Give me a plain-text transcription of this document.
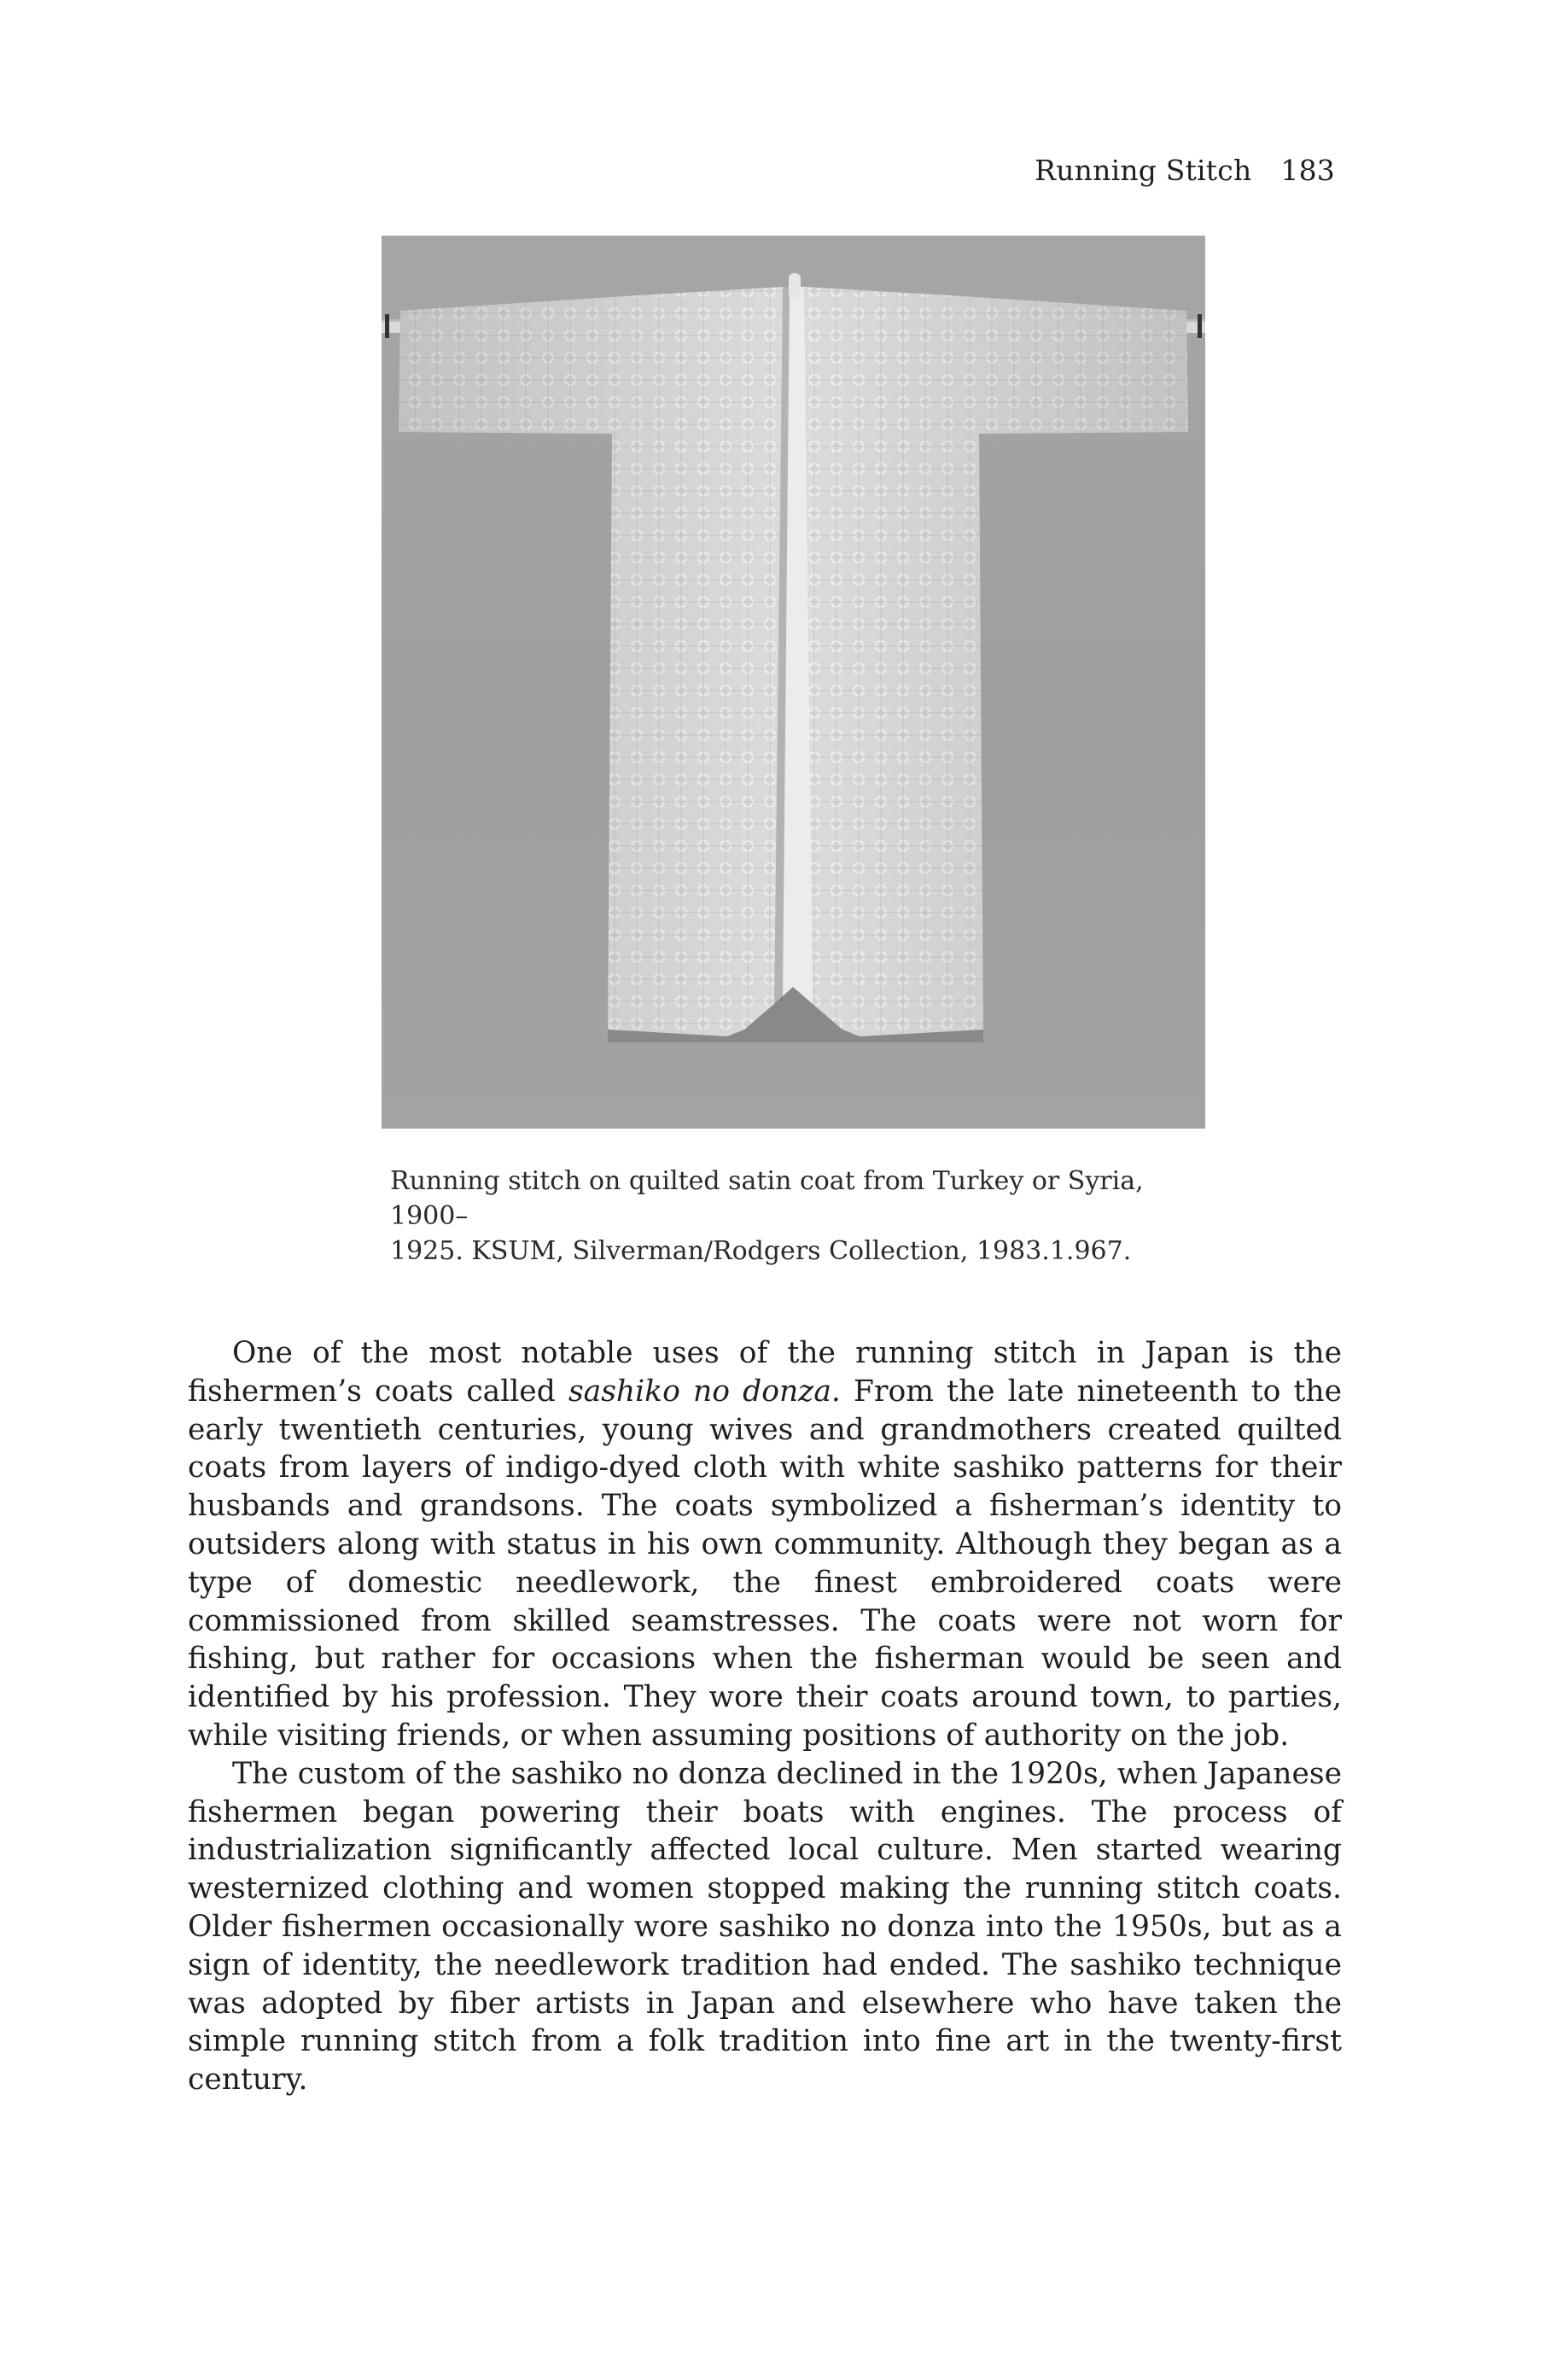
Running Stitch 183

Running stitch on quilted satin coat from Turkey or Syria, 1900–

1925. KSUM, Silverman/Rodgers Collection, 1983.1.967.

One of the most notable uses of the running stitch in Japan is the fishermen’s coats called sashiko no donza. From the late nineteenth to the early twentieth centuries, young wives and grandmothers created quilted coats from layers of indigo-dyed cloth with white sashiko patterns for their husbands and grandsons. The coats symbolized a fisherman’s identity to outsiders along with status in his own community. Although they began as a type of domestic needlework, the finest embroidered coats were commissioned from skilled seamstresses. The coats were not worn for fishing, but rather for occasions when the fisherman would be seen and identified by his profession. They wore their coats around town, to parties, while visiting friends, or when assuming positions of authority on the job.

The custom of the sashiko no donza declined in the 1920s, when Japanese fishermen began powering their boats with engines. The process of industrialization significantly affected local culture. Men started wearing westernized clothing and women stopped making the running stitch coats. Older fishermen occasionally wore sashiko no donza into the 1950s, but as a sign of identity, the needlework tradition had ended. The sashiko technique was adopted by fiber artists in Japan and elsewhere who have taken the simple running stitch from a folk tradition into fine art in the twenty-first century.
